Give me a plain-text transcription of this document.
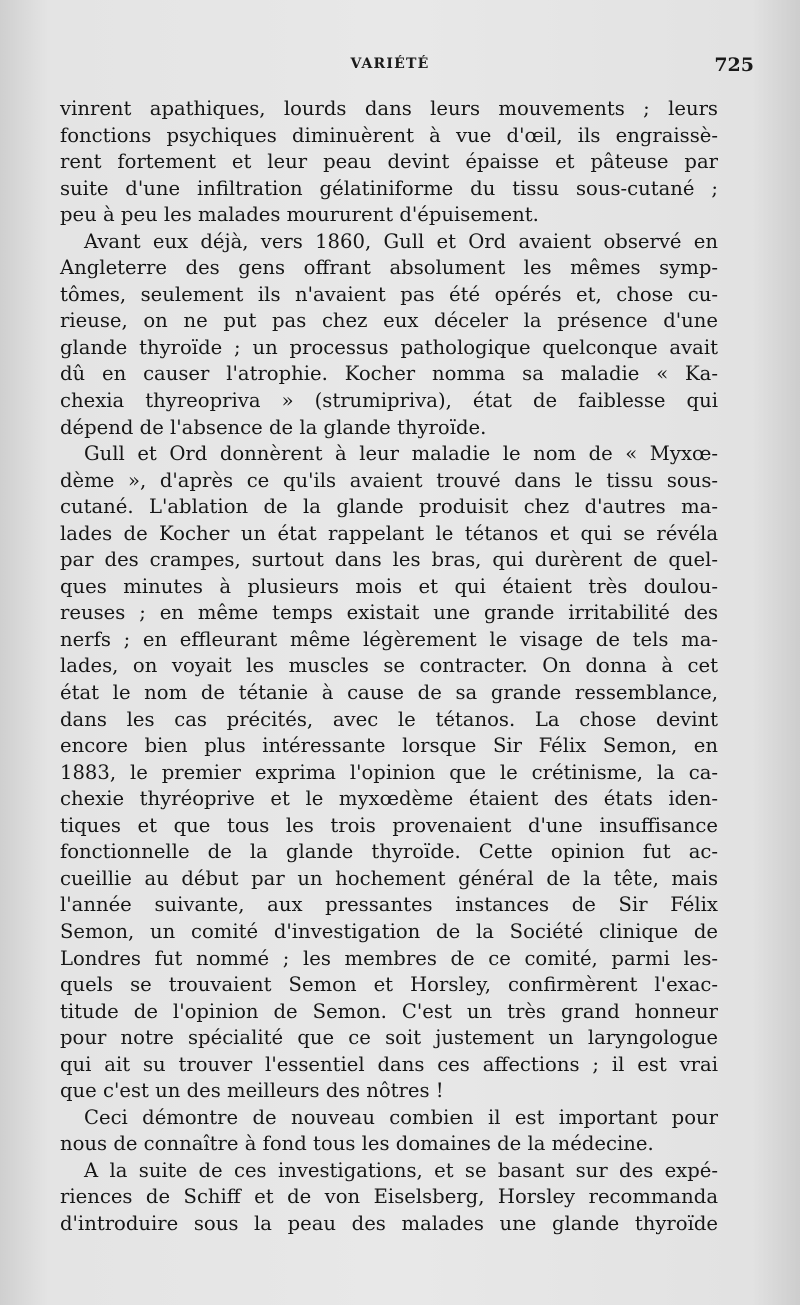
VARIÉTÉ	725
vinrent apathiques, lourds dans leurs mouvements ; leurs
fonctions psychiques diminuèrent à vue d'œil, ils engraissè-
rent fortement et leur peau devint épaisse et pâteuse par
suite d'une infiltration gélatiniforme du tissu sous-cutané ;
peu à peu les malades moururent d'épuisement.
Avant eux déjà, vers 1860, Gull et Ord avaient observé en
Angleterre des gens offrant absolument les mêmes symp-
tômes, seulement ils n'avaient pas été opérés et, chose cu-
rieuse, on ne put pas chez eux déceler la présence d'une
glande thyroïde ; un processus pathologique quelconque avait
dû en causer l'atrophie. Kocher nomma sa maladie « Ka-
chexia thyreopriva » (strumipriva), état de faiblesse qui
dépend de l'absence de la glande thyroïde.
Gull et Ord donnèrent à leur maladie le nom de « Myxœ-
dème », d'après ce qu'ils avaient trouvé dans le tissu sous-
cutané. L'ablation de la glande produisit chez d'autres ma-
lades de Kocher un état rappelant le tétanos et qui se révéla
par des crampes, surtout dans les bras, qui durèrent de quel-
ques minutes à plusieurs mois et qui étaient très doulou-
reuses ; en même temps existait une grande irritabilité des
nerfs ; en effleurant même légèrement le visage de tels ma-
lades, on voyait les muscles se contracter. On donna à cet
état le nom de tétanie à cause de sa grande ressemblance,
dans les cas précités, avec le tétanos. La chose devint
encore bien plus intéressante lorsque Sir Félix Semon, en
1883, le premier exprima l'opinion que le crétinisme, la ca-
chexie thyréoprive et le myxœdème étaient des états iden-
tiques et que tous les trois provenaient d'une insuffisance
fonctionnelle de la glande thyroïde. Cette opinion fut ac-
cueillie au début par un hochement général de la tête, mais
l'année suivante, aux pressantes instances de Sir Félix
Semon, un comité d'investigation de la Société clinique de
Londres fut nommé ; les membres de ce comité, parmi les-
quels se trouvaient Semon et Horsley, confirmèrent l'exac-
titude de l'opinion de Semon. C'est un très grand honneur
pour notre spécialité que ce soit justement un laryngologue
qui ait su trouver l'essentiel dans ces affections ; il est vrai
que c'est un des meilleurs des nôtres !
Ceci démontre de nouveau combien il est important pour
nous de connaître à fond tous les domaines de la médecine.
A la suite de ces investigations, et se basant sur des expé-
riences de Schiff et de von Eiselsberg, Horsley recommanda
d'introduire sous la peau des malades une glande thyroïde
